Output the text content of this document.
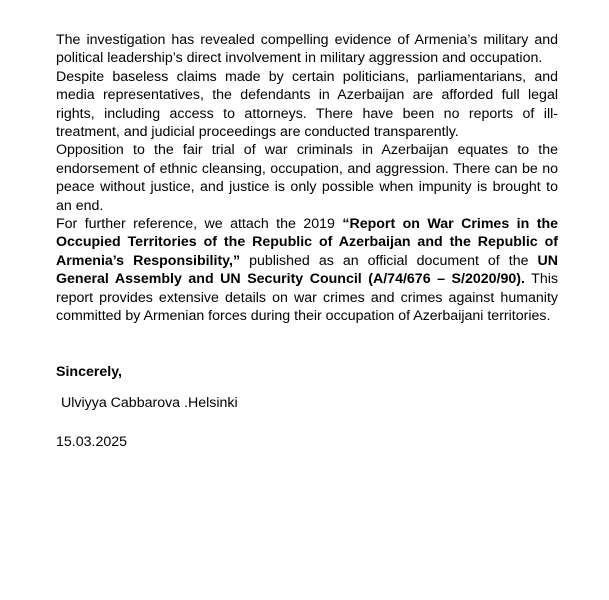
The investigation has revealed compelling evidence of Armenia’s military and political leadership’s direct involvement in military aggression and occupation.

Despite baseless claims made by certain politicians, parliamentarians, and media representatives, the defendants in Azerbaijan are afforded full legal rights, including access to attorneys. There have been no reports of ill-treatment, and judicial proceedings are conducted transparently.

Opposition to the fair trial of war criminals in Azerbaijan equates to the endorsement of ethnic cleansing, occupation, and aggression. There can be no peace without justice, and justice is only possible when impunity is brought to an end.

For further reference, we attach the 2019 “Report on War Crimes in the Occupied Territories of the Republic of Azerbaijan and the Republic of Armenia’s Responsibility,” published as an official document of the UN General Assembly and UN Security Council (A/74/676 – S/2020/90). This report provides extensive details on war crimes and crimes against humanity committed by Armenian forces during their occupation of Azerbaijani territories.

Sincerely,

Ulviyya Cabbarova .Helsinki

15.03.2025
